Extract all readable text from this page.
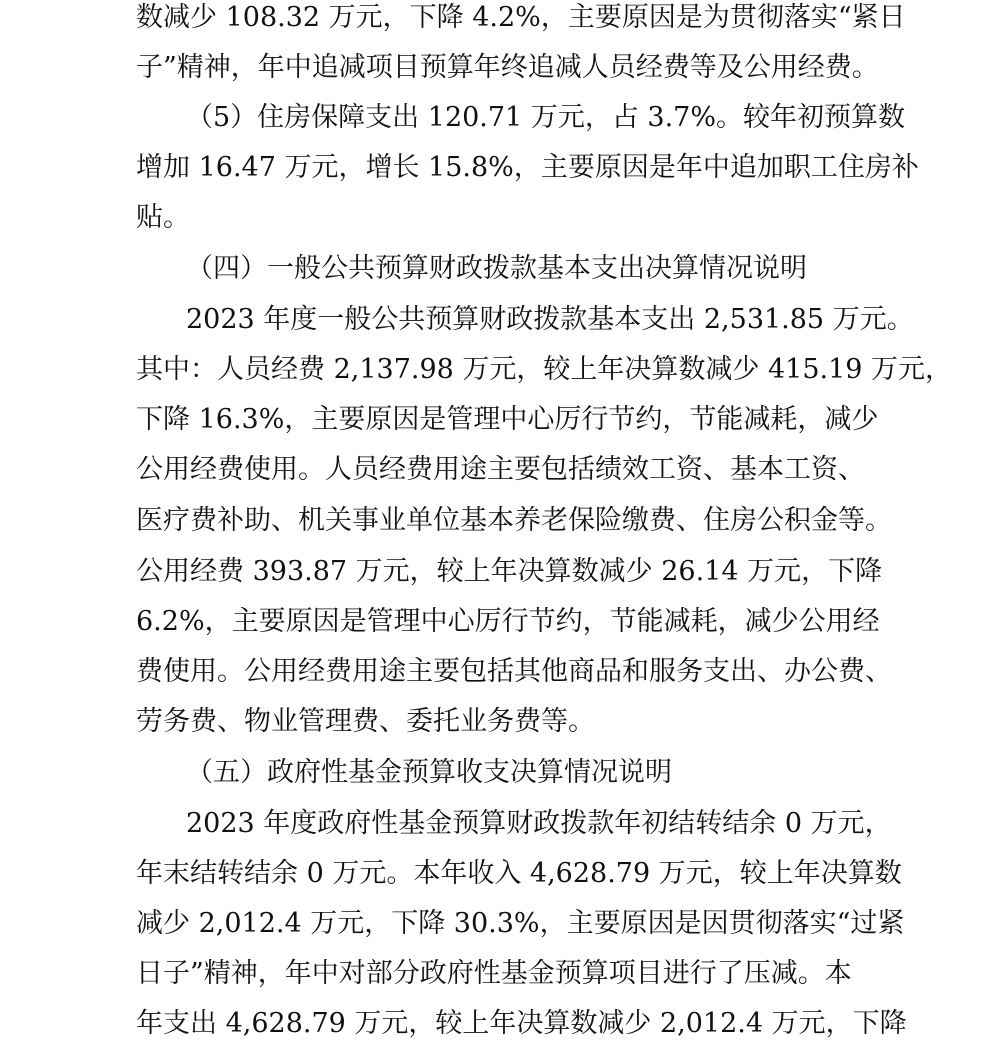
数减少 108.32 万元，下降 4.2%，主要原因是为贯彻落实“紧日
子”精神，年中追减项目预算年终追减人员经费等及公用经费。
（5）住房保障支出 120.71 万元，占 3.7%。较年初预算数
增加 16.47 万元，增长 15.8%，主要原因是年中追加职工住房补
贴。
（四）一般公共预算财政拨款基本支出决算情况说明
2023 年度一般公共预算财政拨款基本支出 2,531.85 万元。
其中：人员经费 2,137.98 万元，较上年决算数减少 415.19 万元，
下降 16.3%，主要原因是管理中心厉行节约，节能减耗，减少
公用经费使用。人员经费用途主要包括绩效工资、基本工资、
医疗费补助、机关事业单位基本养老保险缴费、住房公积金等。
公用经费 393.87 万元，较上年决算数减少 26.14 万元，下降
6.2%，主要原因是管理中心厉行节约，节能减耗，减少公用经
费使用。公用经费用途主要包括其他商品和服务支出、办公费、
劳务费、物业管理费、委托业务费等。
（五）政府性基金预算收支决算情况说明
2023 年度政府性基金预算财政拨款年初结转结余 0 万元，
年末结转结余 0 万元。本年收入 4,628.79 万元，较上年决算数
减少 2,012.4 万元，下降 30.3%，主要原因是因贯彻落实“过紧
日子”精神，年中对部分政府性基金预算项目进行了压减。本
年支出 4,628.79 万元，较上年决算数减少 2,012.4 万元，下降
